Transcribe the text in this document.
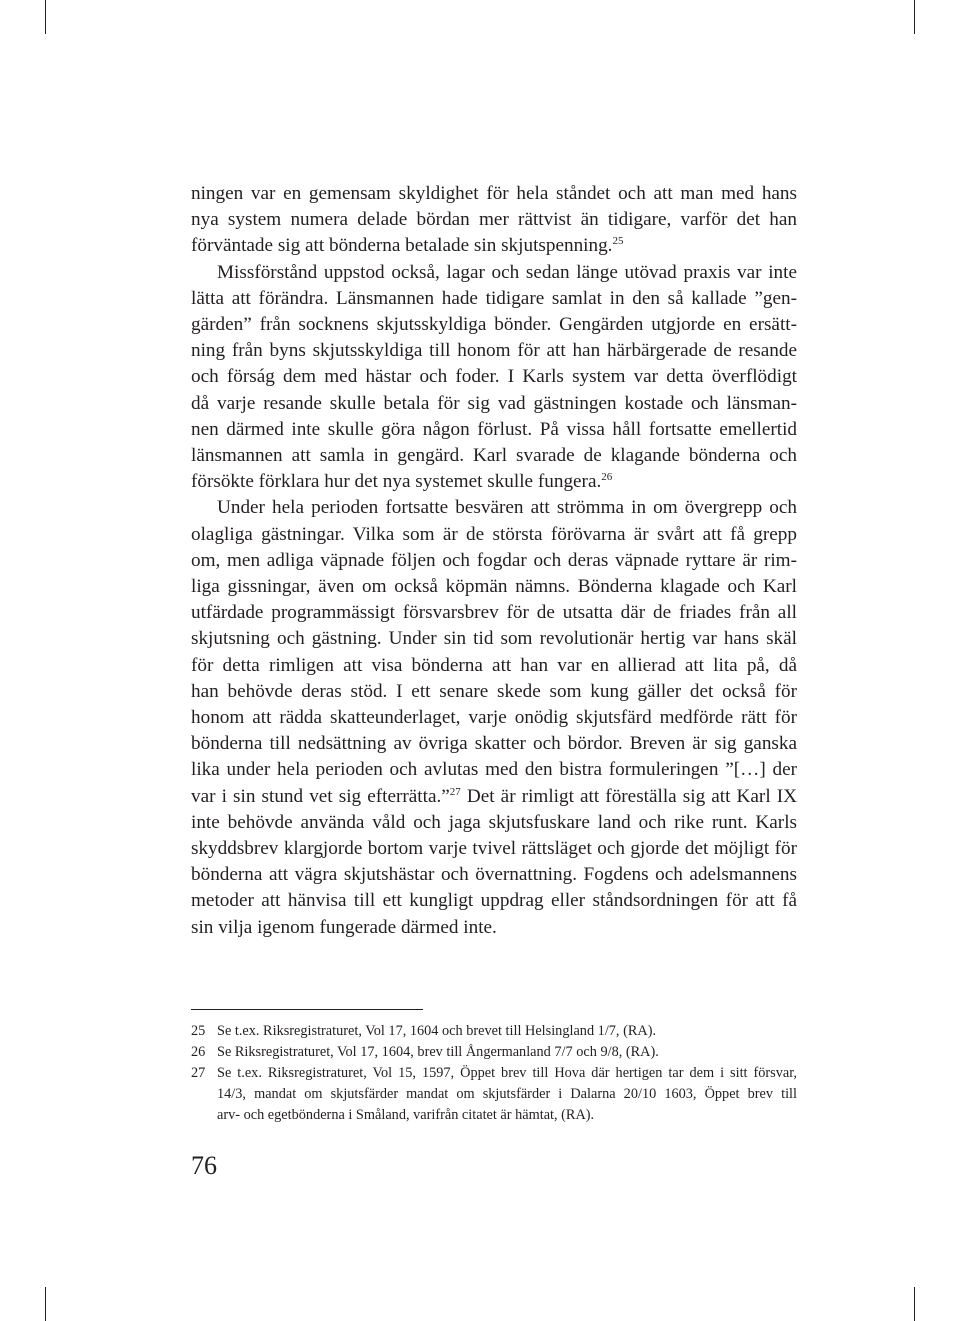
ningen var en gemensam skyldighet för hela ståndet och att man med hans
nya system numera delade bördan mer rättvist än tidigare, varför det han
förväntade sig att bönderna betalade sin skjutspenning.$^{25}$
Missförstånd uppstod också, lagar och sedan länge utövad praxis var inte
lätta att förändra. Länsmannen hade tidigare samlat in den så kallade ”gen-
gärden” från socknens skjutsskyldiga bönder. Gengärden utgjorde en ersätt-
ning från byns skjutsskyldiga till honom för att han härbärgerade de resande
och förság dem med hästar och foder. I Karls system var detta överflödigt
då varje resande skulle betala för sig vad gästningen kostade och länsman-
nen därmed inte skulle göra någon förlust. På vissa håll fortsatte emellertid
länsmannen att samla in gengärd. Karl svarade de klagande bönderna och
försökte förklara hur det nya systemet skulle fungera.$^{26}$
Under hela perioden fortsatte besvären att strömma in om övergrepp och
olagliga gästningar. Vilka som är de största förövarna är svårt att få grepp
om, men adliga väpnade följen och fogdar och deras väpnade ryttare är rim-
liga gissningar, även om också köpmän nämns. Bönderna klagade och Karl
utfärdade programmässigt försvarsbrev för de utsatta där de friades från all
skjutsning och gästning. Under sin tid som revolutionär hertig var hans skäl
för detta rimligen att visa bönderna att han var en allierad att lita på, då
han behövde deras stöd. I ett senare skede som kung gäller det också för
honom att rädda skatteunderlaget, varje onödig skjutsfärd medförde rätt för
bönderna till nedsättning av övriga skatter och bördor. Breven är sig ganska
lika under hela perioden och avlutas med den bistra formuleringen ”[…] der
var i sin stund vet sig efterrätta.”$^{27}$ Det är rimligt att föreställa sig att Karl IX
inte behövde använda våld och jaga skjutsfuskare land och rike runt. Karls
skyddsbrev klargjorde bortom varje tvivel rättsläget och gjorde det möjligt för
bönderna att vägra skjutshästar och övernattning. Fogdens och adelsmannens
metoder att hänvisa till ett kungligt uppdrag eller ståndsordningen för att få
sin vilja igenom fungerade därmed inte.
25 Se t.ex. Riksregistraturet, Vol 17, 1604 och brevet till Helsingland 1/7, (RA).
26 Se Riksregistraturet, Vol 17, 1604, brev till Ångermanland 7/7 och 9/8, (RA).
27 Se t.ex. Riksregistraturet, Vol 15, 1597, Öppet brev till Hova där hertigen tar dem i sitt försvar,
14/3, mandat om skjutsfärder mandat om skjutsfärder i Dalarna 20/10 1603, Öppet brev till
arv- och egetbönderna i Småland, varifrån citatet är hämtat, (RA).
76
